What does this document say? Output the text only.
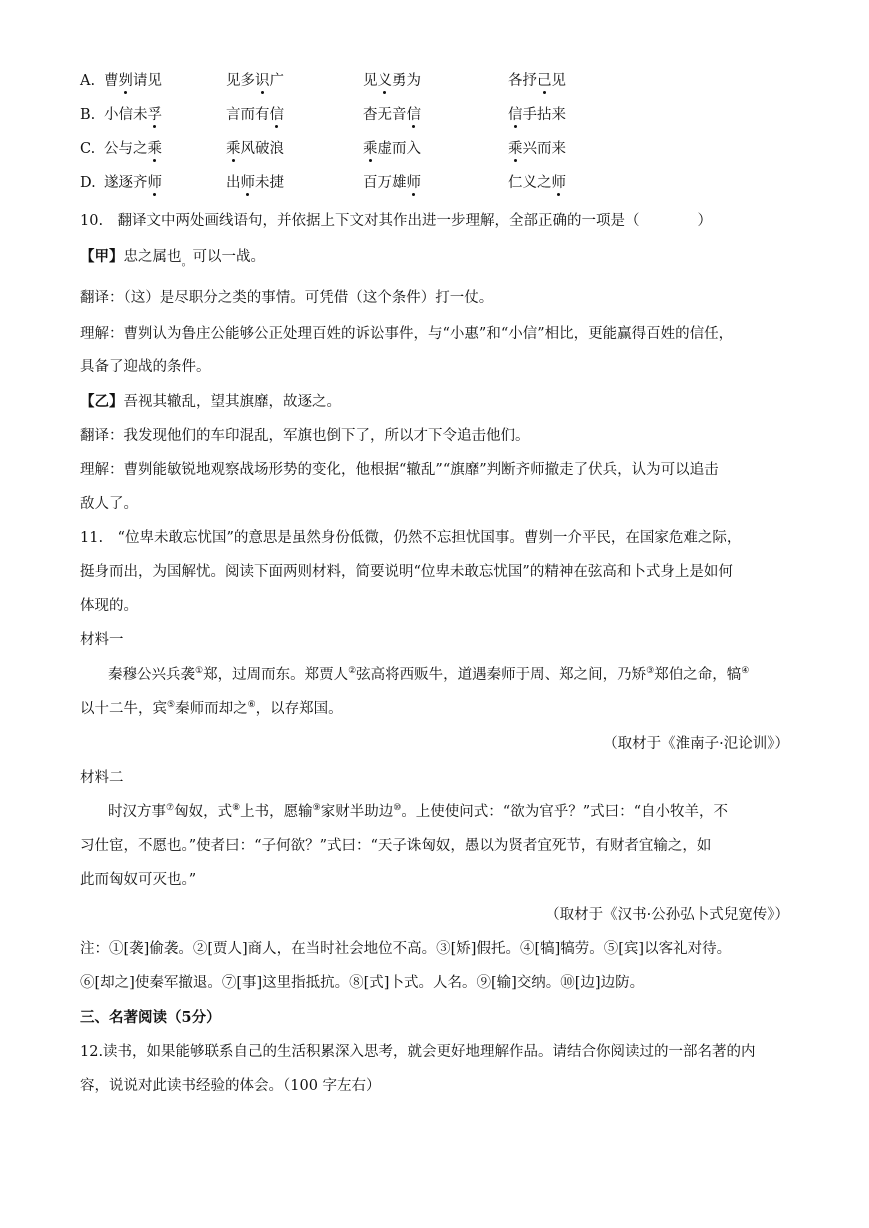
A. 曹刿请见	见多识广	见义勇为	各抒己见
B. 小信未孚	言而有信	杳无音信	信手拈来
C. 公与之乘	乘风破浪	乘虚而入	乘兴而来
D. 遂逐齐师	出师未捷	百万雄师	仁义之师
10.　翻译文中两处画线语句，并依据上下文对其作出进一步理解，全部正确的一项是（　　　　）
【甲】忠之属也$_。$可以一战。
翻译：（这）是尽职分之类的事情。可凭借（这个条件）打一仗。
理解：曹刿认为鲁庄公能够公正处理百姓的诉讼事件，与“小惠”和“小信”相比，更能赢得百姓的信任，
具备了迎战的条件。
【乙】吾视其辙乱，望其旗靡，故逐之。
翻译：我发现他们的车印混乱，军旗也倒下了，所以才下令追击他们。
理解：曹刿能敏锐地观察战场形势的变化，他根据“辙乱”“旗靡”判断齐师撤走了伏兵，认为可以追击
敌人了。
11.　“位卑未敢忘忧国”的意思是虽然身份低微，仍然不忘担忧国事。曹刿一介平民，在国家危难之际，
挺身而出，为国解忧。阅读下面两则材料，简要说明“位卑未敢忘忧国”的精神在弦高和卜式身上是如何
体现的。
材料一
秦穆公兴兵袭①郑，过周而东。郑贾人②弦高将西贩牛，道遇秦师于周、郑之间，乃矫③郑伯之命，犒④
以十二牛，宾⑤秦师而却之⑥，以存郑国。
（取材于《淮南子·氾论训》）
材料二
时汉方事⑦匈奴，式⑧上书，愿输⑨家财半助边⑩。上使使问式：“欲为官乎？”式曰：“自小牧羊，不
习仕宦，不愿也。”使者曰：“子何欲？”式曰：“天子诛匈奴，愚以为贤者宜死节，有财者宜输之，如
此而匈奴可灭也。”
（取材于《汉书·公孙弘卜式兒宽传》）
注：①[袭]偷袭。②[贾人]商人，在当时社会地位不高。③[矫]假托。④[犒]犒劳。⑤[宾]以客礼对待。
⑥[却之]使秦军撤退。⑦[事]这里指抵抗。⑧[式]卜式。人名。⑨[输]交纳。⑩[边]边防。
三、名著阅读（5分）
12.读书，如果能够联系自己的生活积累深入思考，就会更好地理解作品。请结合你阅读过的一部名著的内
容，说说对此读书经验的体会。（100 字左右）
